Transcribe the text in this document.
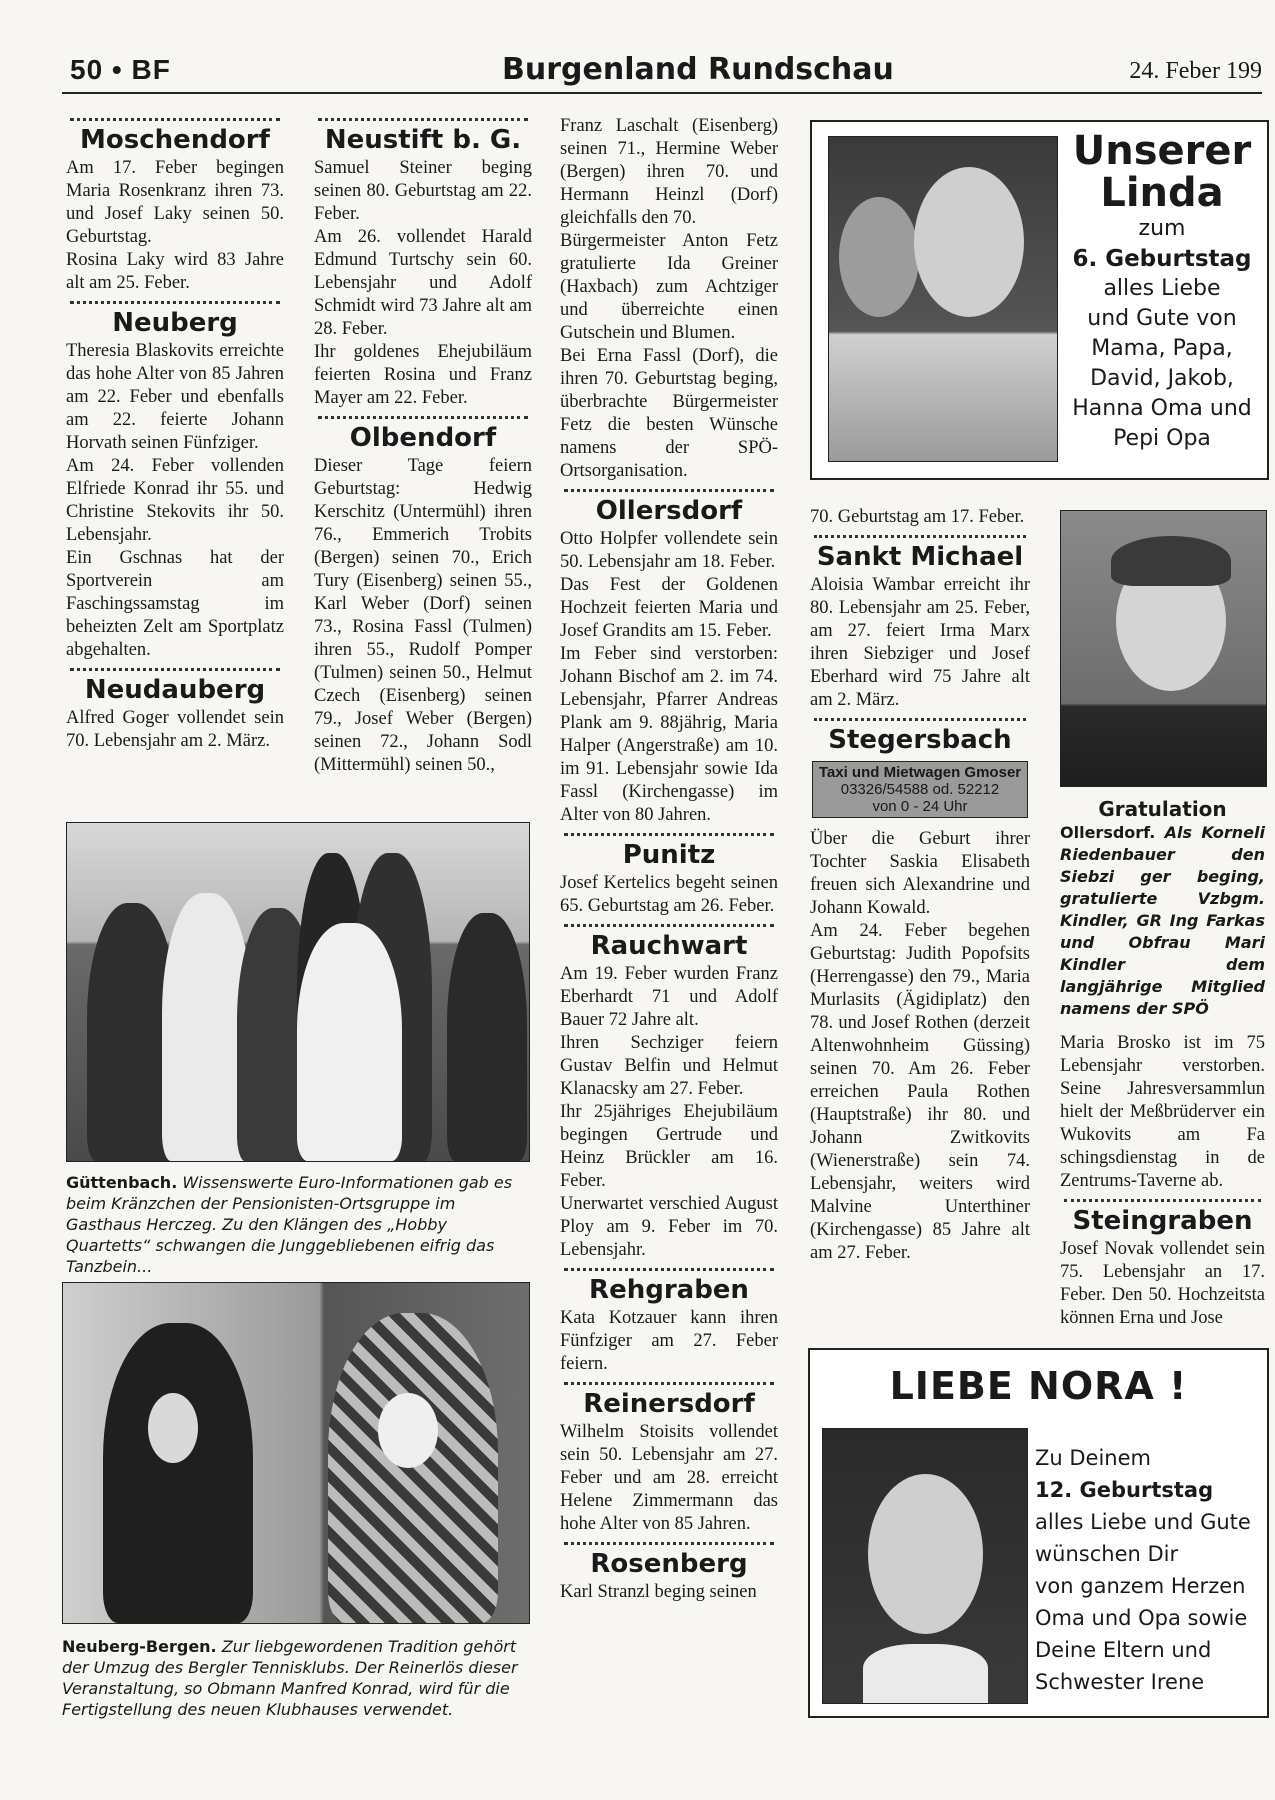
50 • BF	Burgenland Rundschau	24. Feber 199
Moschendorf

Am 17. Feber begingen Maria Rosenkranz ihren 73. und Josef Laky seinen 50. Geburtstag.

Rosina Laky wird 83 Jahre alt am 25. Feber.

Neuberg

Theresia Blaskovits erreichte das hohe Alter von 85 Jahren am 22. Feber und ebenfalls am 22. feierte Johann Horvath seinen Fünfziger.

Am 24. Feber vollenden Elfriede Konrad ihr 55. und Christine Stekovits ihr 50. Lebensjahr.

Ein Gschnas hat der Sportverein am Faschingssamstag im beheizten Zelt am Sportplatz abgehalten.

Neudauberg

Alfred Goger vollendet sein 70. Lebensjahr am 2. März.

Neustift b. G.

Samuel Steiner beging seinen 80. Geburtstag am 22. Feber.

Am 26. vollendet Harald Edmund Turtschy sein 60. Lebensjahr und Adolf Schmidt wird 73 Jahre alt am 28. Feber.

Ihr goldenes Ehejubiläum feierten Rosina und Franz Mayer am 22. Feber.

Olbendorf

Dieser Tage feiern Geburtstag: Hedwig Kerschitz (Untermühl) ihren 76., Emmerich Trobits (Bergen) seinen 70., Erich Tury (Eisenberg) seinen 55., Karl Weber (Dorf) seinen 73., Rosina Fassl (Tulmen) ihren 55., Rudolf Pomper (Tulmen) seinen 50., Helmut Czech (Eisenberg) seinen 79., Josef Weber (Bergen) seinen 72., Johann Sodl (Mittermühl) seinen 50.,

Güttenbach. Wissenswerte Euro-Informationen gab es beim Kränzchen der Pensionisten-Ortsgruppe im Gasthaus Herczeg. Zu den Klängen des „Hobby Quartetts“ schwangen die Junggebliebenen eifrig das Tanzbein...
Neuberg-Bergen. Zur liebgewordenen Tradition gehört der Umzug des Bergler Tennisklubs. Der Reinerlös dieser Veranstaltung, so Obmann Manfred Konrad, wird für die Fertigstellung des neuen Klubhauses verwendet.

Franz Laschalt (Eisenberg) seinen 71., Hermine Weber (Bergen) ihren 70. und Hermann Heinzl (Dorf) gleichfalls den 70.

Bürgermeister Anton Fetz gratulierte Ida Greiner (Haxbach) zum Achtziger und überreichte einen Gutschein und Blumen.

Bei Erna Fassl (Dorf), die ihren 70. Geburtstag beging, überbrachte Bürgermeister Fetz die besten Wünsche namens der SPÖ-Ortsorganisation.

Ollersdorf

Otto Holpfer vollendete sein 50. Lebensjahr am 18. Feber.

Das Fest der Goldenen Hochzeit feierten Maria und Josef Grandits am 15. Feber.

Im Feber sind verstorben: Johann Bischof am 2. im 74. Lebensjahr, Pfarrer Andreas Plank am 9. 88jährig, Maria Halper (Angerstraße) am 10. im 91. Lebensjahr sowie Ida Fassl (Kirchengasse) im Alter von 80 Jahren.

Punitz

Josef Kertelics begeht seinen 65. Geburtstag am 26. Feber.

Rauchwart

Am 19. Feber wurden Franz Eberhardt 71 und Adolf Bauer 72 Jahre alt.

Ihren Sechziger feiern Gustav Belfin und Helmut Klanacsky am 27. Feber.

Ihr 25jähriges Ehejubiläum begingen Gertrude und Heinz Brückler am 16. Feber.

Unerwartet verschied August Ploy am 9. Feber im 70. Lebensjahr.

Rehgraben

Kata Kotzauer kann ihren Fünfziger am 27. Feber feiern.

Reinersdorf

Wilhelm Stoisits vollendet sein 50. Lebensjahr am 27. Feber und am 28. erreicht Helene Zimmermann das hohe Alter von 85 Jahren.

Rosenberg

Karl Stranzl beging seinen

Unserer
Linda
zum
6. Geburtstag
alles Liebe
und Gute von
Mama, Papa,
David, Jakob,
Hanna Oma und
Pepi Opa

70. Geburtstag am 17. Feber.

Sankt Michael

Aloisia Wambar erreicht ihr 80. Lebensjahr am 25. Feber, am 27. feiert Irma Marx ihren Siebziger und Josef Eberhard wird 75 Jahre alt am 2. März.

Stegersbach
Taxi und Mietwagen Gmoser
03326/54588 od. 52212
von 0 - 24 Uhr

Über die Geburt ihrer Tochter Saskia Elisabeth freuen sich Alexandrine und Johann Kowald.

Am 24. Feber begehen Geburtstag: Judith Popofsits (Herrengasse) den 79., Maria Murlasits (Ägidiplatz) den 78. und Josef Rothen (derzeit Altenwohnheim Güssing) seinen 70. Am 26. Feber erreichen Paula Rothen (Hauptstraße) ihr 80. und Johann Zwitkovits (Wienerstraße) sein 74. Lebensjahr, weiters wird Malvine Unterthiner (Kirchengasse) 85 Jahre alt am 27. Feber.

Gratulation
Ollersdorf. Als Korneli Riedenbauer den Siebzi ger beging, gratulierte Vzbgm. Kindler, GR Ing Farkas und Obfrau Mari Kindler dem langjährige Mitglied namens der SPÖ

Maria Brosko ist im 75 Lebensjahr verstorben. Seine Jahresversammlun hielt der Meßbrüderver ein Wukovits am Fa schingsdienstag in de Zentrums-Taverne ab.

Steingraben

Josef Novak vollendet sein 75. Lebensjahr an 17. Feber. Den 50. Hochzeitsta können Erna und Jose

LIEBE NORA !
Zu Deinem
12. Geburtstag
alles Liebe und Gute
wünschen Dir
von ganzem Herzen
Oma und Opa sowie
Deine Eltern und
Schwester Irene
